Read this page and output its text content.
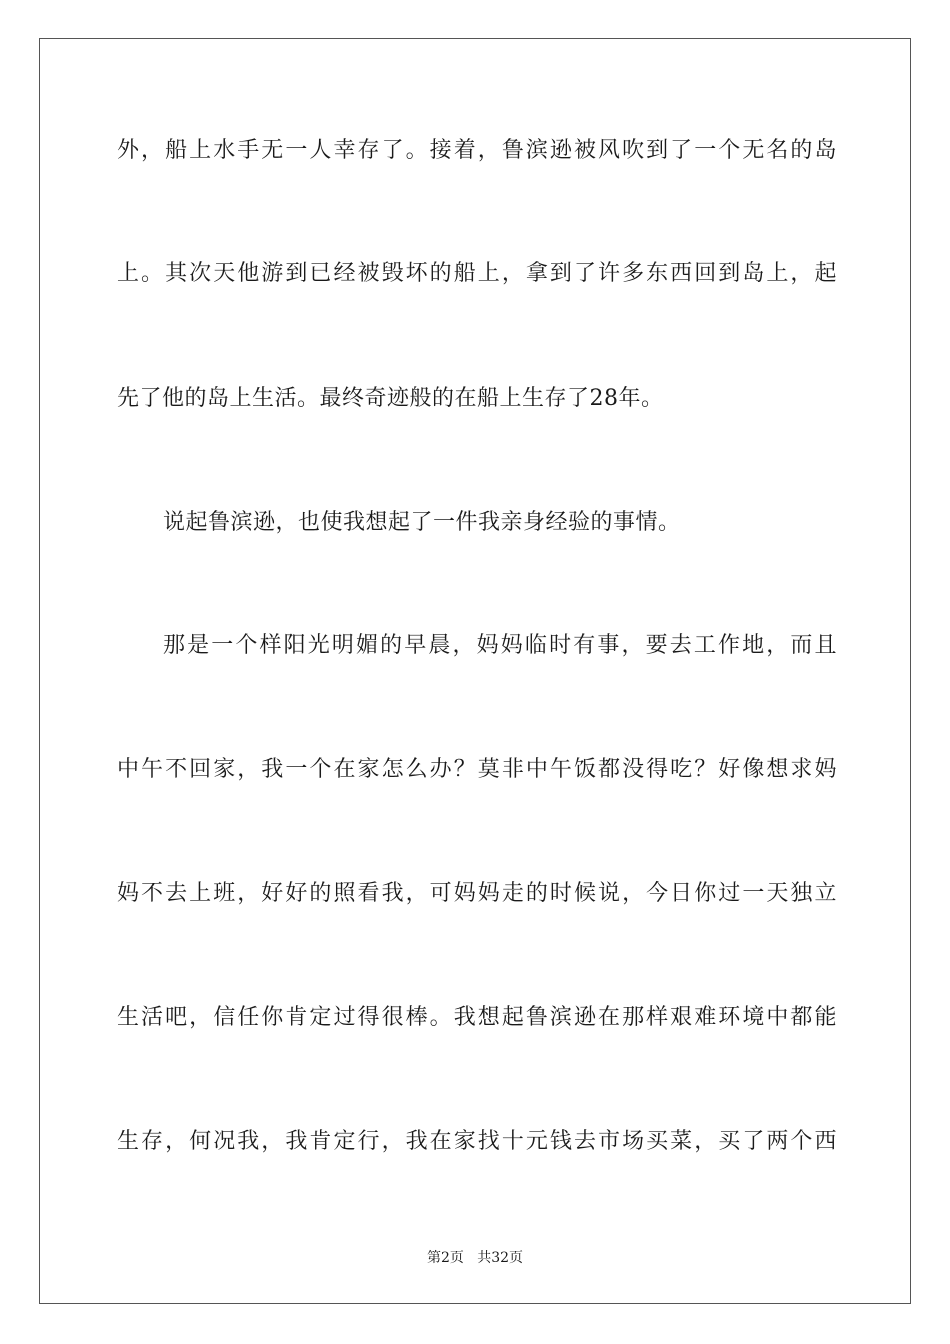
外，船上水手无一人幸存了。接着，鲁滨逊被风吹到了一个无名的岛
上。其次天他游到已经被毁坏的船上，拿到了许多东西回到岛上，起
先了他的岛上生活。最终奇迹般的在船上生存了28年。
说起鲁滨逊，也使我想起了一件我亲身经验的事情。
那是一个样阳光明媚的早晨，妈妈临时有事，要去工作地，而且
中午不回家，我一个在家怎么办？莫非中午饭都没得吃？好像想求妈
妈不去上班，好好的照看我，可妈妈走的时候说，今日你过一天独立
生活吧，信任你肯定过得很棒。我想起鲁滨逊在那样艰难环境中都能
生存，何况我，我肯定行，我在家找十元钱去市场买菜，买了两个西
第2页   共32页
